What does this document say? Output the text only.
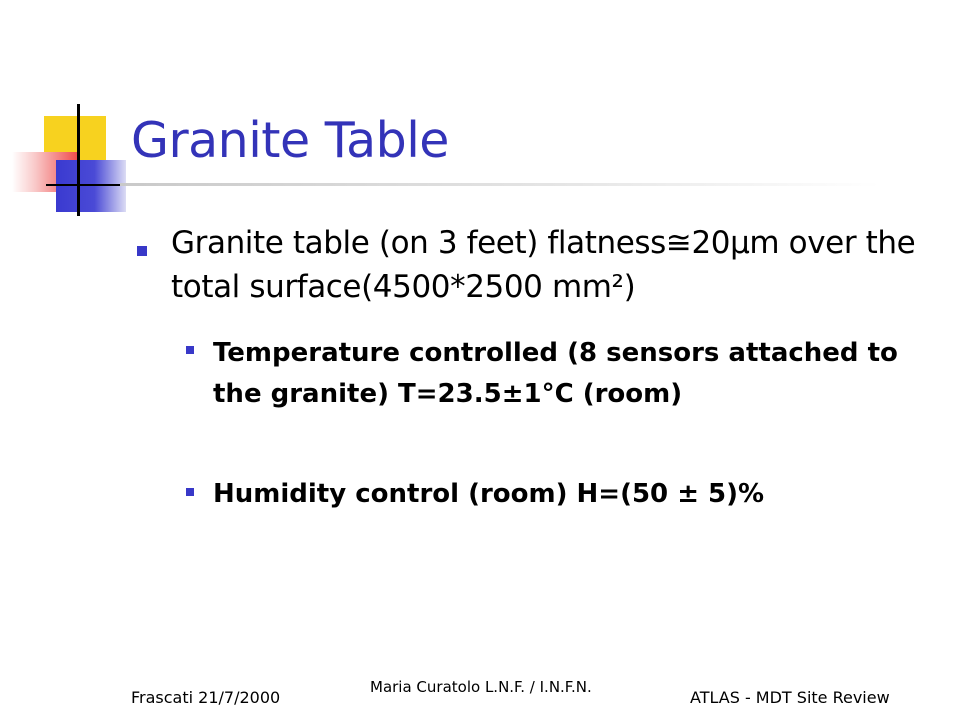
Granite Table
Granite table (on 3 feet) flatness≅20μm over the total surface(4500*2500 mm²)
Temperature controlled (8 sensors attached to the granite) T=23.5±1°C (room)
Humidity control (room) H=(50 ± 5)%
Frascati 21/7/2000
Maria Curatolo L.N.F. / I.N.F.N.
ATLAS - MDT Site Review
